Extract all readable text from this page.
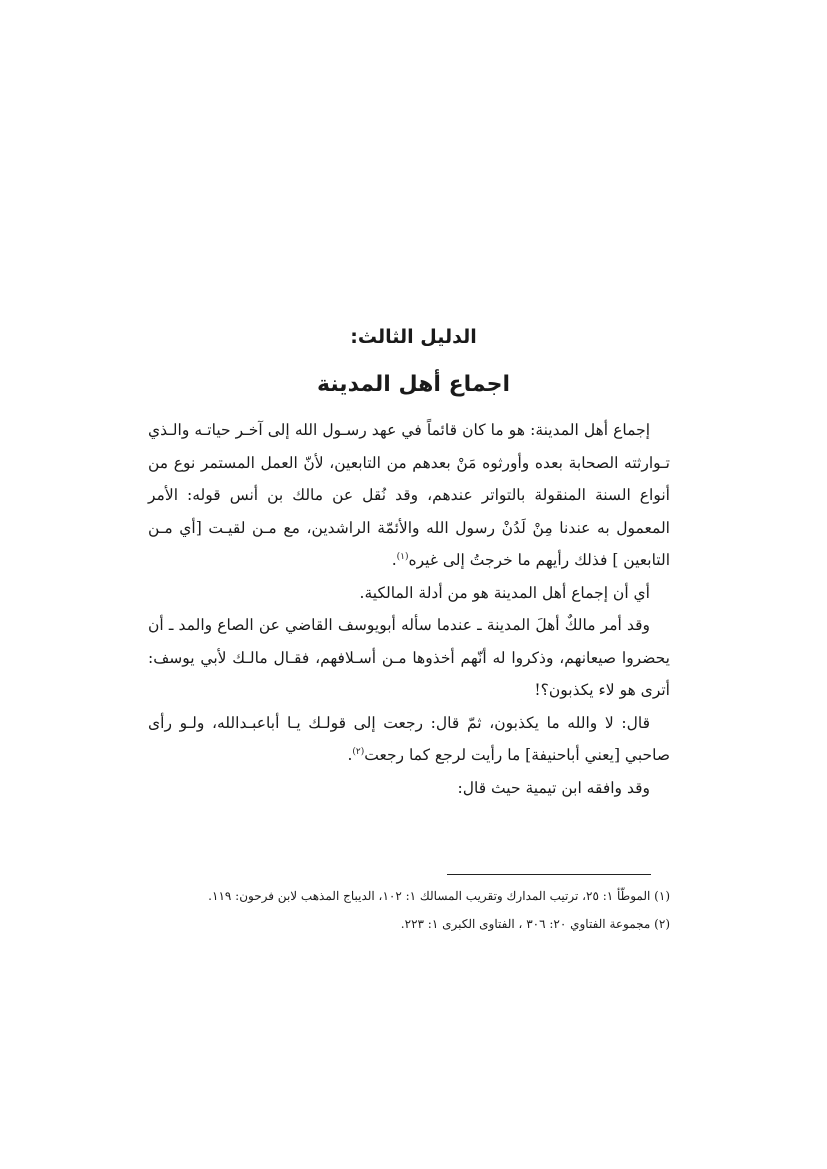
الدليل الثالث:
اجماع أهل المدينة

إجماع أهل المدينة: هو ما كان قائماً في عهد رسـول الله إلى آخـر حياتـه والـذي تـوارثته الصحابة بعده وأورثوه مَنْ بعدهم من التابعين، لأنّ العمل المستمر نوع من أنواع السنة المنقولة بالتواتر عندهم، وقد نُقل عن مالك بن أنس قوله: الأمر المعمول به عندنا مِنْ لَدُنْ رسول الله والأئمّة الراشدين، مع مـن لقيـت [أي مـن التابعين ] فذلك رأيهم ما خرجتُ إلى غيره$^{(١)}$.

أي أن إجماع أهل المدينة هو من أدلة المالكية.

وقد أمر مالكٌ أهلَ المدينة ـ عندما سأله أبويوسف القاضي عن الصاع والمد ـ أن يحضروا صيعانهم، وذكروا له أنّهم أخذوها مـن أسـلافهم، فقـال مالـك لأبي يوسف: أترى هو لاء يكذبون؟!

قال: لا والله ما يكذبون، ثمّ قال: رجعت إلى قولـك يـا أباعبـدالله، ولـو رأى صاحبي [يعني أباحنيفة] ما رأيت لرجع كما رجعت$^{(٢)}$.

وقد وافقه ابن تيمية حيث قال:

(١) الموطّأ ١: ٢٥، ترتيب المدارك وتقريب المسالك ١: ١٠٢، الديباج المذهب لابن فرحون: ١١٩.

(٢) مجموعة الفتاوي ٢٠: ٣٠٦ ، الفتاوى الكبرى ١: ٢٢٣.
